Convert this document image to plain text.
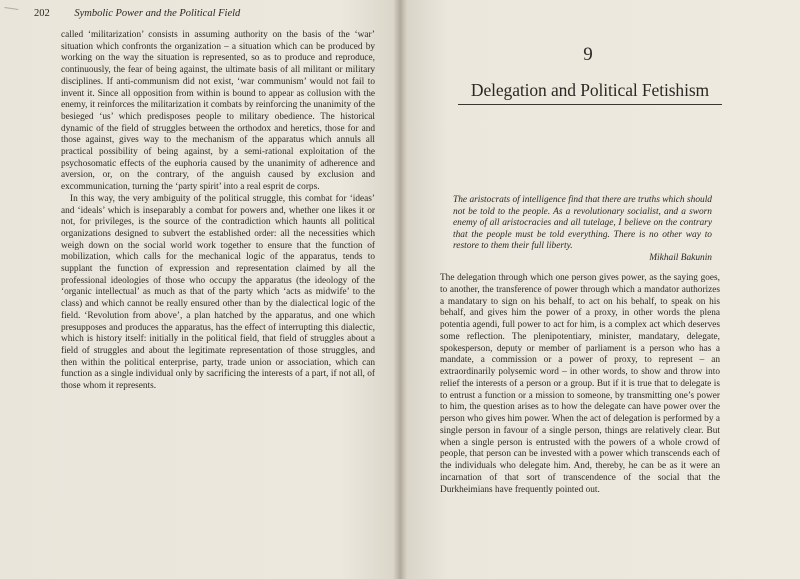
202 Symbolic Power and the Political Field

called ‘militarization’ consists in assuming authority on the basis of the ‘war’ situation which confronts the organization – a situation which can be produced by working on the way the situation is represented, so as to produce and reproduce, continuously, the fear of being against, the ultimate basis of all militant or military disciplines. If anti-communism did not exist, ‘war communism’ would not fail to invent it. Since all opposition from within is bound to appear as collusion with the enemy, it reinforces the militarization it combats by reinforcing the unanimity of the besieged ‘us’ which predisposes people to military obedience. The historical dynamic of the field of struggles between the orthodox and heretics, those for and those against, gives way to the mechanism of the apparatus which annuls all practical possibility of being against, by a semi-rational exploitation of the psychosomatic effects of the euphoria caused by the unanimity of adherence and aversion, or, on the contrary, of the anguish caused by exclusion and excommunication, turning the ‘party spirit’ into a real esprit de corps.

In this way, the very ambiguity of the political struggle, this combat for ‘ideas’ and ‘ideals’ which is inseparably a combat for powers and, whether one likes it or not, for privileges, is the source of the contradiction which haunts all political organizations designed to subvert the established order: all the necessities which weigh down on the social world work together to ensure that the function of mobilization, which calls for the mechanical logic of the apparatus, tends to supplant the function of expression and representation claimed by all the professional ideologies of those who occupy the apparatus (the ideology of the ‘organic intellectual’ as much as that of the party which ‘acts as midwife’ to the class) and which cannot be really ensured other than by the dialectical logic of the field. ‘Revolution from above’, a plan hatched by the apparatus, and one which presupposes and produces the apparatus, has the effect of interrupting this dialectic, which is history itself: initially in the political field, that field of struggles about a field of struggles and about the legitimate representation of those struggles, and then within the political enterprise, party, trade union or association, which can function as a single individual only by sacrificing the interests of a part, if not all, of those whom it represents.

9
Delegation and Political Fetishism
The aristocrats of intelligence find that there are truths which should not be told to the people. As a revolutionary socialist, and a sworn enemy of all aristocracies and all tutelage, I believe on the contrary that the people must be told everything. There is no other way to restore to them their full liberty.
Mikhail Bakunin

The delegation through which one person gives power, as the saying goes, to another, the transference of power through which a mandator authorizes a mandatary to sign on his behalf, to act on his behalf, to speak on his behalf, and gives him the power of a proxy, in other words the plena potentia agendi, full power to act for him, is a complex act which deserves some reflection. The plenipotentiary, minister, mandatary, delegate, spokesperson, deputy or member of parliament is a person who has a mandate, a commission or a power of proxy, to represent – an extraordinarily polysemic word – in other words, to show and throw into relief the interests of a person or a group. But if it is true that to delegate is to entrust a function or a mission to someone, by transmitting one’s power to him, the question arises as to how the delegate can have power over the person who gives him power. When the act of delegation is performed by a single person in favour of a single person, things are relatively clear. But when a single person is entrusted with the powers of a whole crowd of people, that person can be invested with a power which transcends each of the individuals who delegate him. And, thereby, he can be as it were an incarnation of that sort of transcendence of the social that the Durkheimians have frequently pointed out.
